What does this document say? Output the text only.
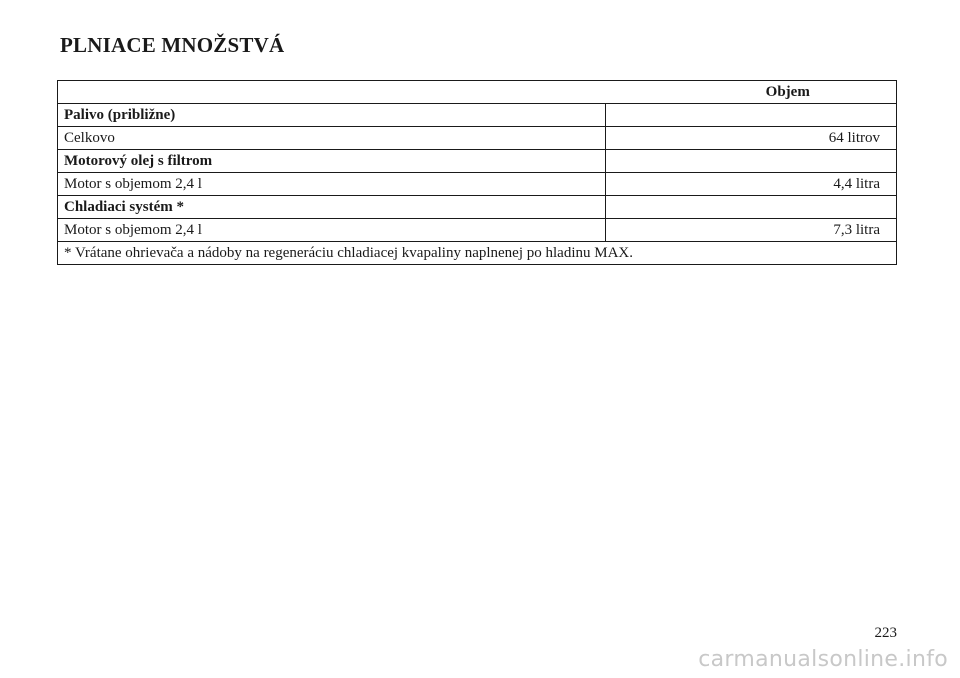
PLNIACE MNOŽSTVÁ
	Objem
Palivo (približne)	
Celkovo	64 litrov
Motorový olej s filtrom	
Motor s objemom 2,4 l	4,4 litra
Chladiaci systém *	
Motor s objemom 2,4 l	7,3 litra
* Vrátane ohrievača a nádoby na regeneráciu chladiacej kvapaliny naplnenej po hladinu MAX.	
223
carmanualsonline.info
